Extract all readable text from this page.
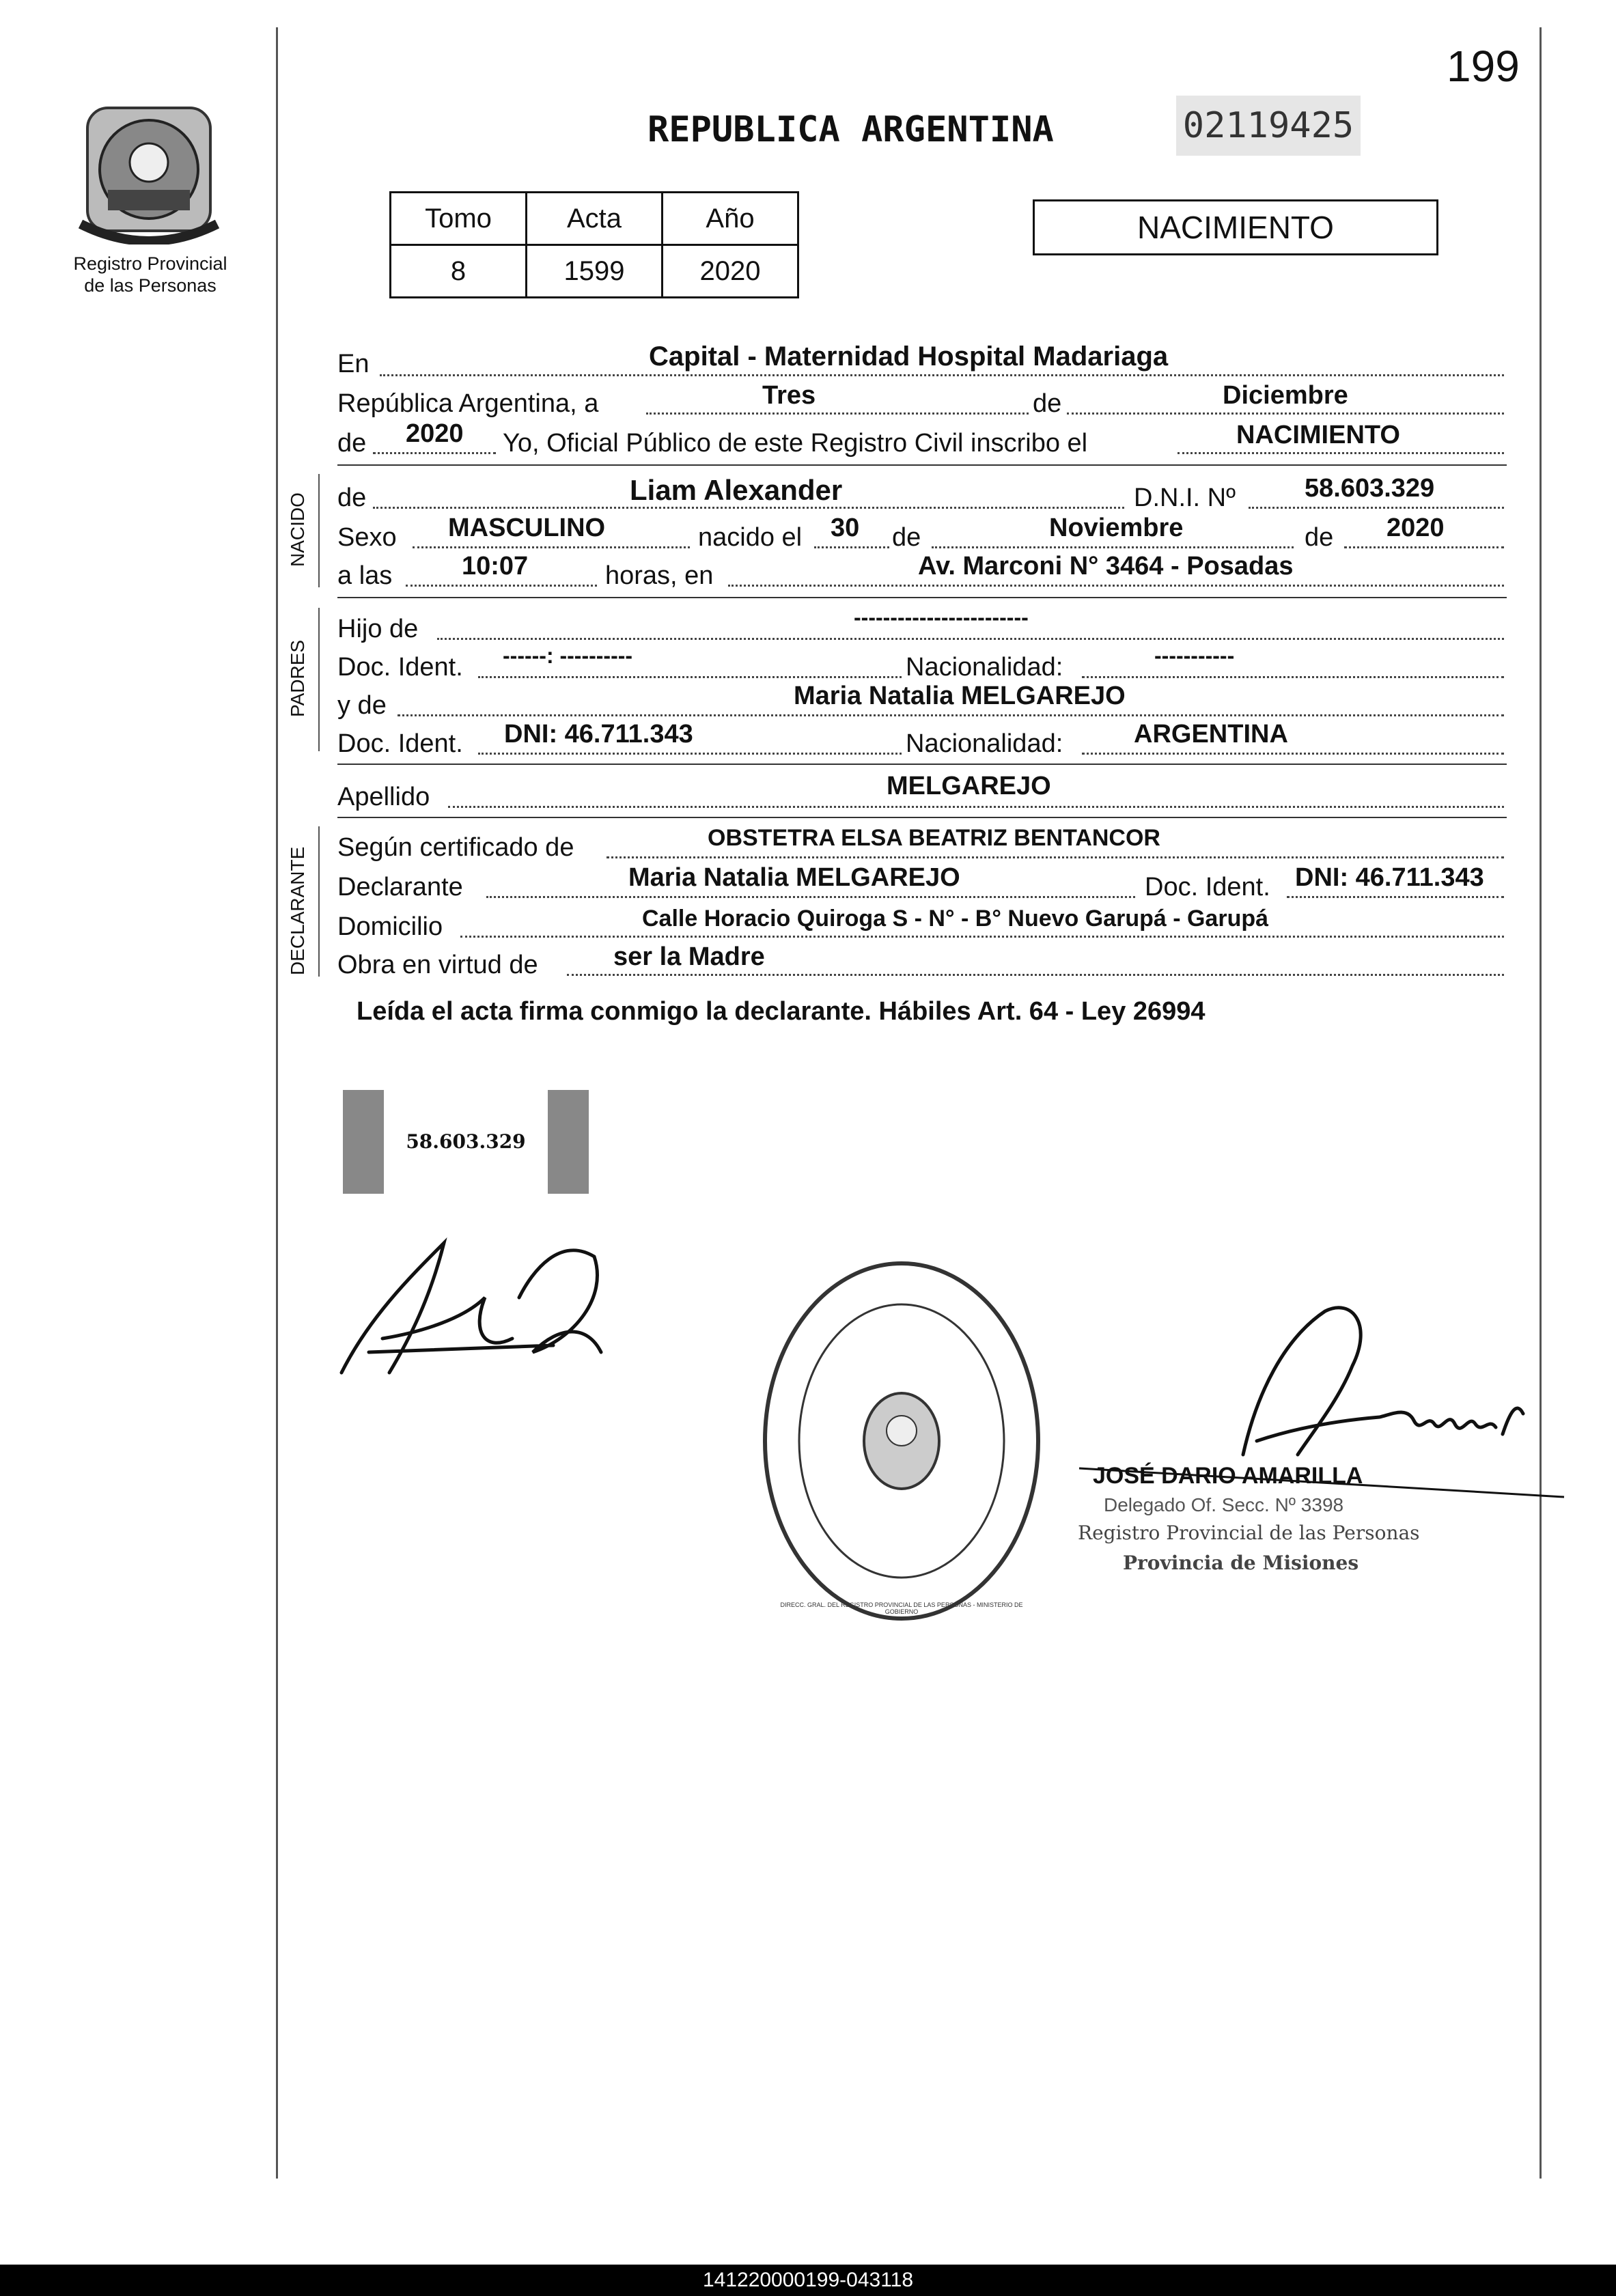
199
Registro Provincial
de las Personas
REPUBLICA ARGENTINA	02119425
Tomo	Acta	Año
8	1599	2020
NACIMIENTO
En	Capital - Maternidad Hospital Madariaga
República Argentina, a	Tres	de	Diciembre
de 2020 Yo, Oficial Público de este Registro Civil inscribo el	NACIMIENTO
NACIDO de	Liam Alexander	D.N.I. Nº	58.603.329
Sexo MASCULINO	nacido el 30 de	Noviembre	de 2020
a las	10:07	horas, en	Av. Marconi N° 3464 - Posadas
PADRES
Hijo de	------------------------
Doc. Ident. ------: ----------	Nacionalidad:	-----------
y de	Maria Natalia MELGAREJO
Doc. Ident. DNI: 46.711.343	Nacionalidad:	ARGENTINA
Apellido	MELGAREJO
DECLARANTE Según certificado de	OBSTETRA ELSA BEATRIZ BENTANCOR
Declarante	Maria Natalia MELGAREJO	Doc. Ident. DNI: 46.711.343
Domicilio	Calle Horacio Quiroga S - N° - B° Nuevo Garupá - Garupá
Obra en virtud de	ser la Madre
Leída el acta firma conmigo la declarante. Hábiles Art. 64 - Ley 26994
58.603.329
DIRECC. GRAL. DEL REGISTRO PROVINCIAL DE LAS PERSONAS - MINISTERIO DE GOBIERNO
JOSÉ DARIO AMARILLA
Delegado Of. Secc. Nº 3398
Registro Provincial de las Personas
Provincia de Misiones
141220000199-043118
